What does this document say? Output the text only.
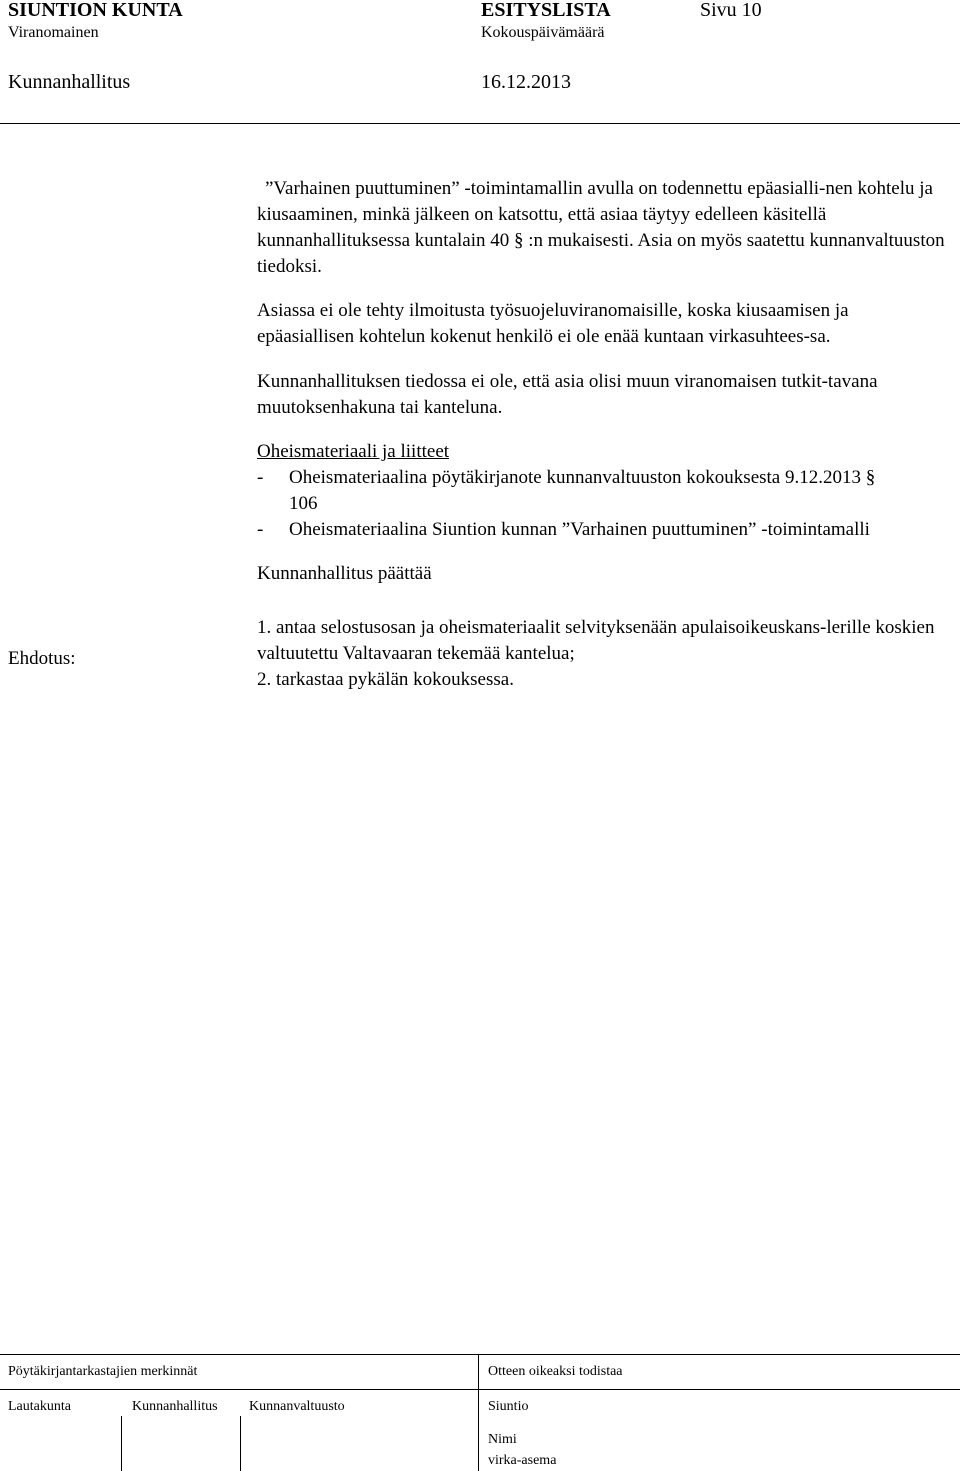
SIUNTION KUNTA	ESITYSLISTA	Sivu 10
Viranomainen	Kokouspäivämäärä
Kunnanhallitus	16.12.2013

”Varhainen puuttuminen” -toimintamallin avulla on todennettu epäasialli-nen kohtelu ja kiusaaminen, minkä jälkeen on katsottu, että asiaa täytyy edelleen käsitellä kunnanhallituksessa kuntalain 40 § :n mukaisesti. Asia on myös saatettu kunnanvaltuuston tiedoksi.

Asiassa ei ole tehty ilmoitusta työsuojeluviranomaisille, koska kiusaamisen ja epäasiallisen kohtelun kokenut henkilö ei ole enää kuntaan virkasuhtees-sa.

Kunnanhallituksen tiedossa ei ole, että asia olisi muun viranomaisen tutkit-tavana muutoksenhakuna tai kanteluna.

Oheismateriaali ja liitteet

- Oheismateriaalina pöytäkirjanote kunnanvaltuuston kokouksesta 9.12.2013 § 106
- Oheismateriaalina Siuntion kunnan ”Varhainen puuttuminen” -toimintamalli

Kunnanhallitus päättää

1. antaa selostusosan ja oheismateriaalit selvityksenään apulaisoikeuskans-lerille koskien valtuutettu Valtavaaran tekemää kantelua;

2. tarkastaa pykälän kokouksessa.

Ehdotus:
Pöytäkirjantarkastajien merkinnät	Otteen oikeaksi todistaa
Lautakunta	Kunnanhallitus Kunnanvaltuusto	Siuntio
Nimi
virka-asema
